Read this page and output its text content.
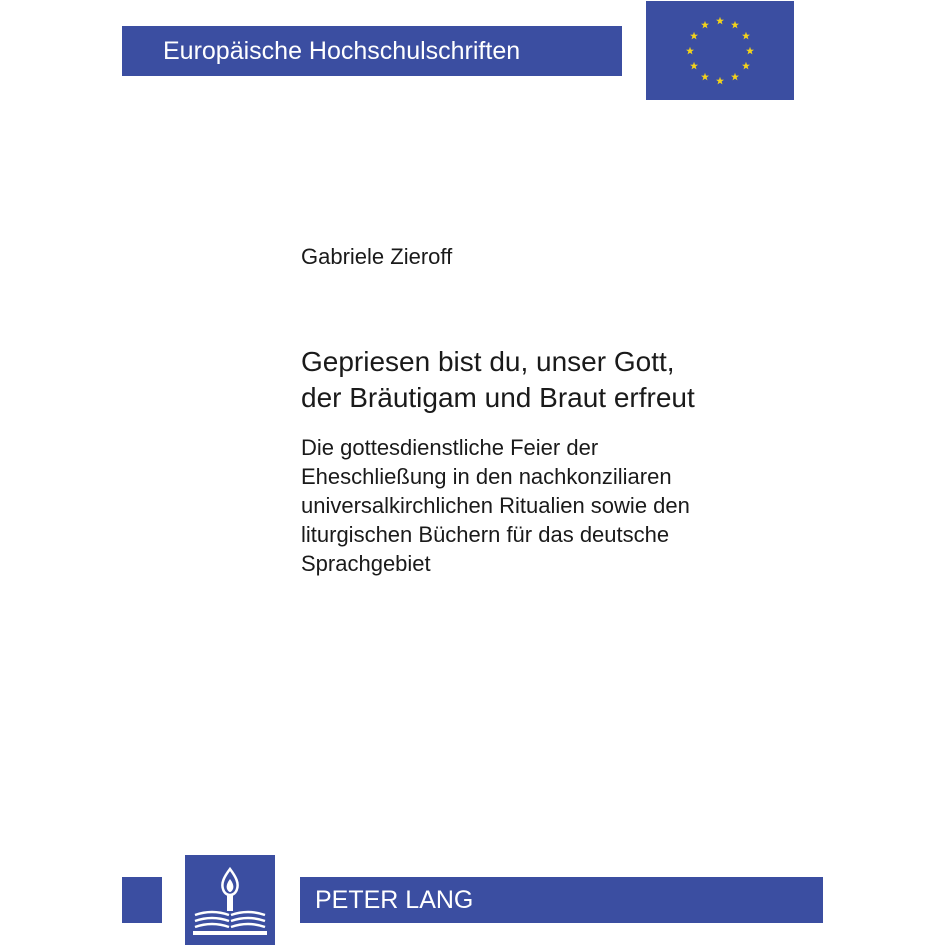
Europäische Hochschulschriften
Gabriele Zieroff
Gepriesen bist du, unser Gott,
der Bräutigam und Braut erfreut
Die gottesdienstliche Feier der
Eheschließung in den nachkonziliaren
universalkirchlichen Ritualien sowie den
liturgischen Büchern für das deutsche
Sprachgebiet
PETER LANG
